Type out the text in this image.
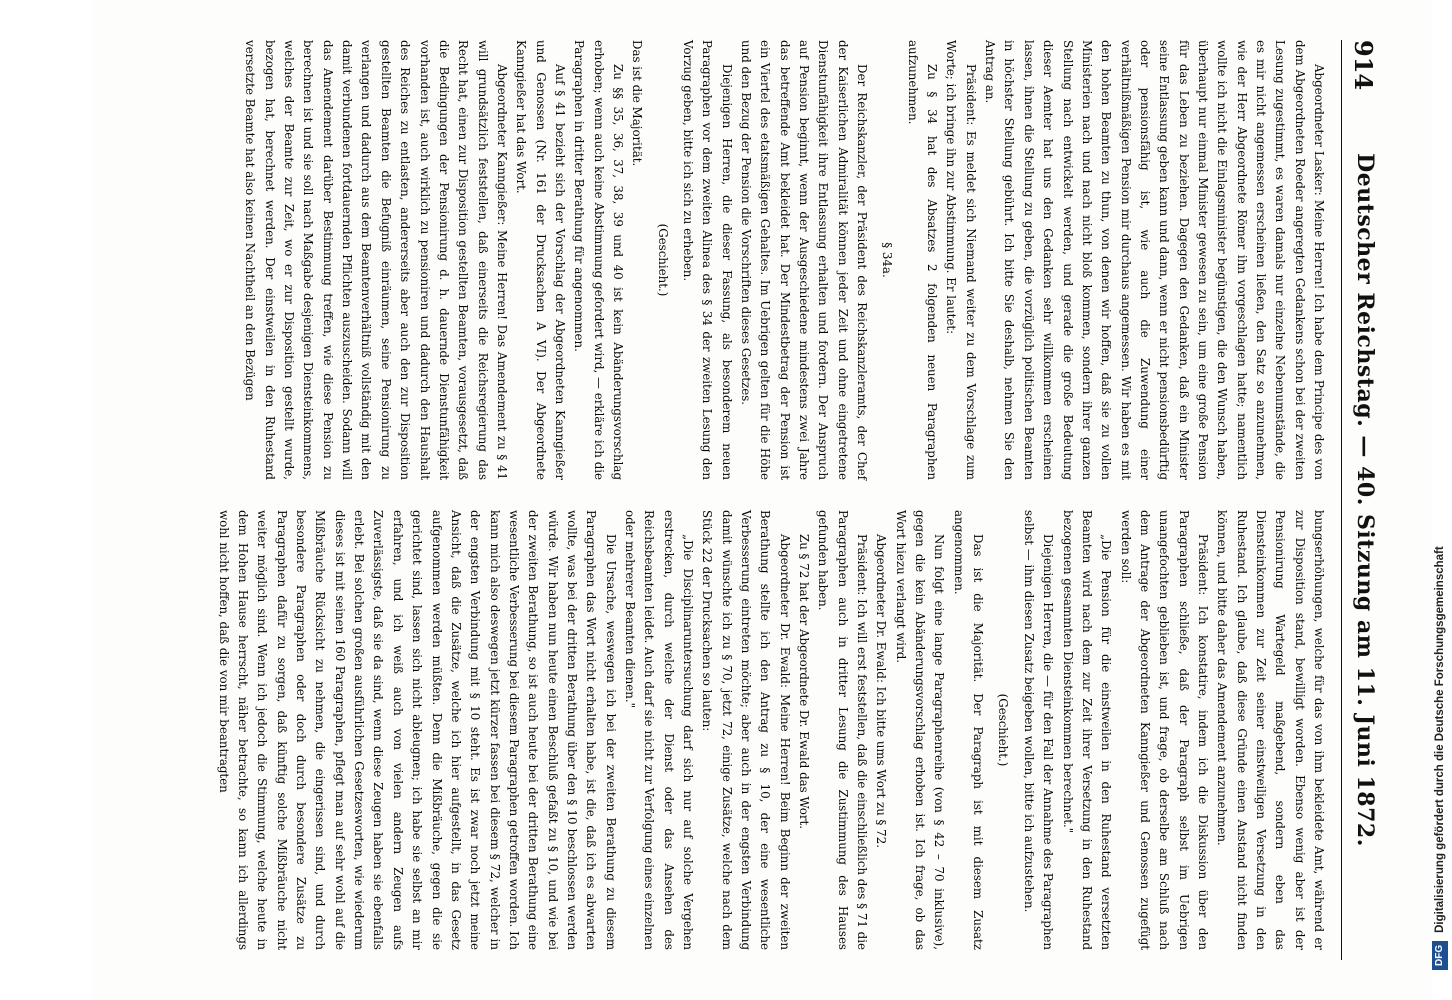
914
Deutscher Reichstag. — 40. Sitzung am 11. Juni 1872.

Abgeordneter Lasker: Meine Herren! Ich habe dem Principe des von dem Abgeordneten Roeder angeregten Gedankens schon bei der zweiten Lesung zugestimmt, es waren damals nur einzelne Nebenumstände, die es mir nicht angemessen erscheinen ließen, den Satz so anzunehmen, wie der Herr Abgeordnete Römer ihn vorgeschlagen hatte; namentlich wollte ich nicht die Einlagsminister begünstigen, die den Wunsch haben, überhaupt nur einmal Minister gewesen zu sein, um eine große Pension für das Leben zu beziehen. Dagegen den Gedanken, daß ein Minister seine Entlassung geben kann und dann, wenn er nicht pensionsbedürftig oder pensionsfähig ist, wie auch die Zuwendung einer verhältnißmäßigen Pension mir durchaus angemessen. Wir haben es mit den hohen Beamten zu thun, von denen wir hoffen, daß sie zu vollen Ministerien nach und nach nicht bloß kommen, sondern ihrer ganzen Stellung nach entwickelt werden, und gerade die große Bedeutung dieser Aemter hat uns den Gedanken sehr willkommen erscheinen lassen, ihnen die Stellung zu geben, die vorzüglich politischen Beamten in höchster Stellung gebührt. Ich bitte Sie deshalb, nehmen Sie den Antrag an.

Präsident: Es meldet sich Niemand weiter zu dem Vorschlage zum Worte; ich bringe ihn zur Abstimmung. Er lautet:

Zu § 34 hat des Absatzes 2 folgenden neuen Paragraphen aufzunehmen.

§ 34a.

Der Reichskanzler, der Präsident des Reichskanzleramts, der Chef der Kaiserlichen Admiralität können jeder Zeit und ohne eingetretene Dienstunfähigkeit ihre Entlassung erhalten und fordern. Der Anspruch auf Pension beginnt, wenn der Ausgeschiedene mindestens zwei Jahre das betreffende Amt bekleidet hat. Der Mindestbetrag der Pension ist ein Viertel des etatsmäßigen Gehaltes. Im Uebrigen gelten für die Höhe und den Bezug der Pension die Vorschriften dieses Gesetzes.

Diejenigen Herren, die dieser Fassung, als besonderem neuen Paragraphen vor dem zweiten Alinea des § 34 der zweiten Lesung den Vorzug geben, bitte ich sich zu erheben.

(Geschieht.)

Das ist die Majorität.

Zu §§ 35, 36, 37, 38, 39 und 40 ist kein Abänderungsvorschlag erhoben; wenn auch keine Abstimmung gefordert wird, — erkläre ich die Paragraphen in dritter Berathung für angenommen.

Auf § 41 bezieht sich der Vorschlag der Abgeordneten Kanngießer und Genossen (Nr. 161 der Drucksachen A VI). Der Abgeordnete Kanngießer hat das Wort.

Abgeordneter Kanngießer: Meine Herren! Das Amendement zu § 41 will grundsätzlich feststellen, daß einerseits die Reichsregierung das Recht hat, einen zur Disposition gestellten Beamten, vorausgesetzt, daß die Bedingungen der Pensionirung d. h. dauernde Dienstunfähigkeit vorhanden ist, auch wirklich zu pensioniren und dadurch den Haushalt des Reiches zu entlasten, andererseits aber auch den zur Disposition gestellten Beamten die Befugniß einräumen, seine Pensionirung zu verlangen und dadurch aus dem Beamtenverhältniß vollständig mit den damit verbundenen fortdauernden Pflichten auszuscheiden. Sodann will das Amendement darüber Bestimmung treffen, wie diese Pension zu berechnen ist und sie soll nach Maßgabe desjenigen Diensteinkommens, welches der Beamte zur Zeit, wo er zur Disposition gestellt wurde, bezogen hat, berechnet werden. Der einstweilen in den Ruhestand versetzte Beamte hat also keinen Nachtheil an den Bezügen

bungserhöhungen, welche für das von ihm bekleidete Amt, während er zur Disposition stand, bewilligt worden. Ebenso wenig aber ist der Pensionirung Wartegeld maßgebend, sondern eben das Diensteinkommen zur Zeit seiner einstweiligen Versetzung in den Ruhestand. Ich glaube, daß diese Gründe einen Anstand nicht finden können, und bitte daher das Amendement anzunehmen.

Präsident: Ich konstatire, indem ich die Diskussion über den Paragraphen schließe, daß der Paragraph selbst im Uebrigen unangefochten geblieben ist, und frage, ob derselbe am Schluß nach dem Antrage der Abgeordneten Kanngießer und Genossen zugefügt werden soll:

„Die Pension für die einstweilen in den Ruhestand versetzten Beamten wird nach dem zur Zeit ihrer Versetzung in den Ruhestand bezogenen gesammten Diensteinkommen berechnet."

Diejenigen Herren, die — für den Fall der Annahme des Paragraphen selbst — ihm diesen Zusatz beigeben wollen, bitte ich aufzustehen.

(Geschieht.)

Das ist die Majorität. Der Paragraph ist mit diesem Zusatz angenommen.

Nun folgt eine lange Paragraphenreihe (von § 42 – 70 inklusive), gegen die kein Abänderungsvorschlag erhoben ist. Ich frage, ob das Wort hiezu verlangt wird.

Abgeordneter Dr. Ewald: Ich bitte ums Wort zu § 72.

Präsident: Ich will erst feststellen, daß die einschließlich des § 71 die Paragraphen auch in dritter Lesung die Zustimmung des Hauses gefunden haben.

Zu § 72 hat der Abgeordnete Dr. Ewald das Wort.

Abgeordneter Dr. Ewald: Meine Herren! Beim Beginn der zweiten Berathung stellte ich den Antrag zu § 10, der eine wesentliche Verbesserung eintreten möchte; aber auch in der engsten Verbindung damit wünschte ich zu § 70, jetzt 72, einige Zusätze, welche nach dem Stück 22 der Drucksachen so lauten:

„Die Disciplinaruntersuchung darf sich nur auf solche Vergehen erstrecken, durch welche der Dienst oder das Ansehen des Reichsbeamten leidet. Auch darf sie nicht zur Verfolgung eines einzelnen oder mehrerer Beamten dienen."

Die Ursache, weswegen ich bei der zweiten Berathung zu diesem Paragraphen das Wort nicht erhalten habe, ist die, daß ich es abwarten wollte, was bei der dritten Berathung über den § 10 beschlossen werden würde. Wir haben nun heute einen Beschluß gefaßt zu § 10, und wie bei der zweiten Berathung, so ist auch heute bei der dritten Berathung eine wesentliche Verbesserung bei diesem Paragraphen getroffen worden. Ich kann mich also deswegen jetzt kürzer fassen bei diesem § 72, welcher in der engsten Verbindung mit § 10 steht. Es ist zwar noch jetzt meine Ansicht, daß die Zusätze, welche ich hier aufgestellt, in das Gesetz aufgenommen werden müßten. Denn die Mißbräuche, gegen die sie gerichtet sind, lassen sich nicht ableugnen; ich habe sie selbst an mir erfahren, und ich weiß auch von vielen andern Zeugen aufs Zuverlässigste, daß sie da sind, wenn diese Zeugen haben sie ebenfalls erlebt. Bei solchen großen ausführlichen Gesetzesworten, wie wiederum dieses ist mit seinen 160 Paragraphen, pflegt man auf sehr wohl auf die Mißbräuche Rücksicht zu nehmen, die eingerissen sind, und durch besondere Paragraphen oder doch durch besondere Zusätze zu Paragraphen dafür zu sorgen, daß künftig solche Mißbräuche nicht weiter möglich sind. Wenn ich jedoch die Stimmung, welche heute in dem Hohen Hause herrscht, näher betrachte, so kann ich allerdings wohl nicht hoffen, daß die von mir beantragten

DFGDigitalisierung gefördert durch die Deutsche Forschungsgemeinschaft
